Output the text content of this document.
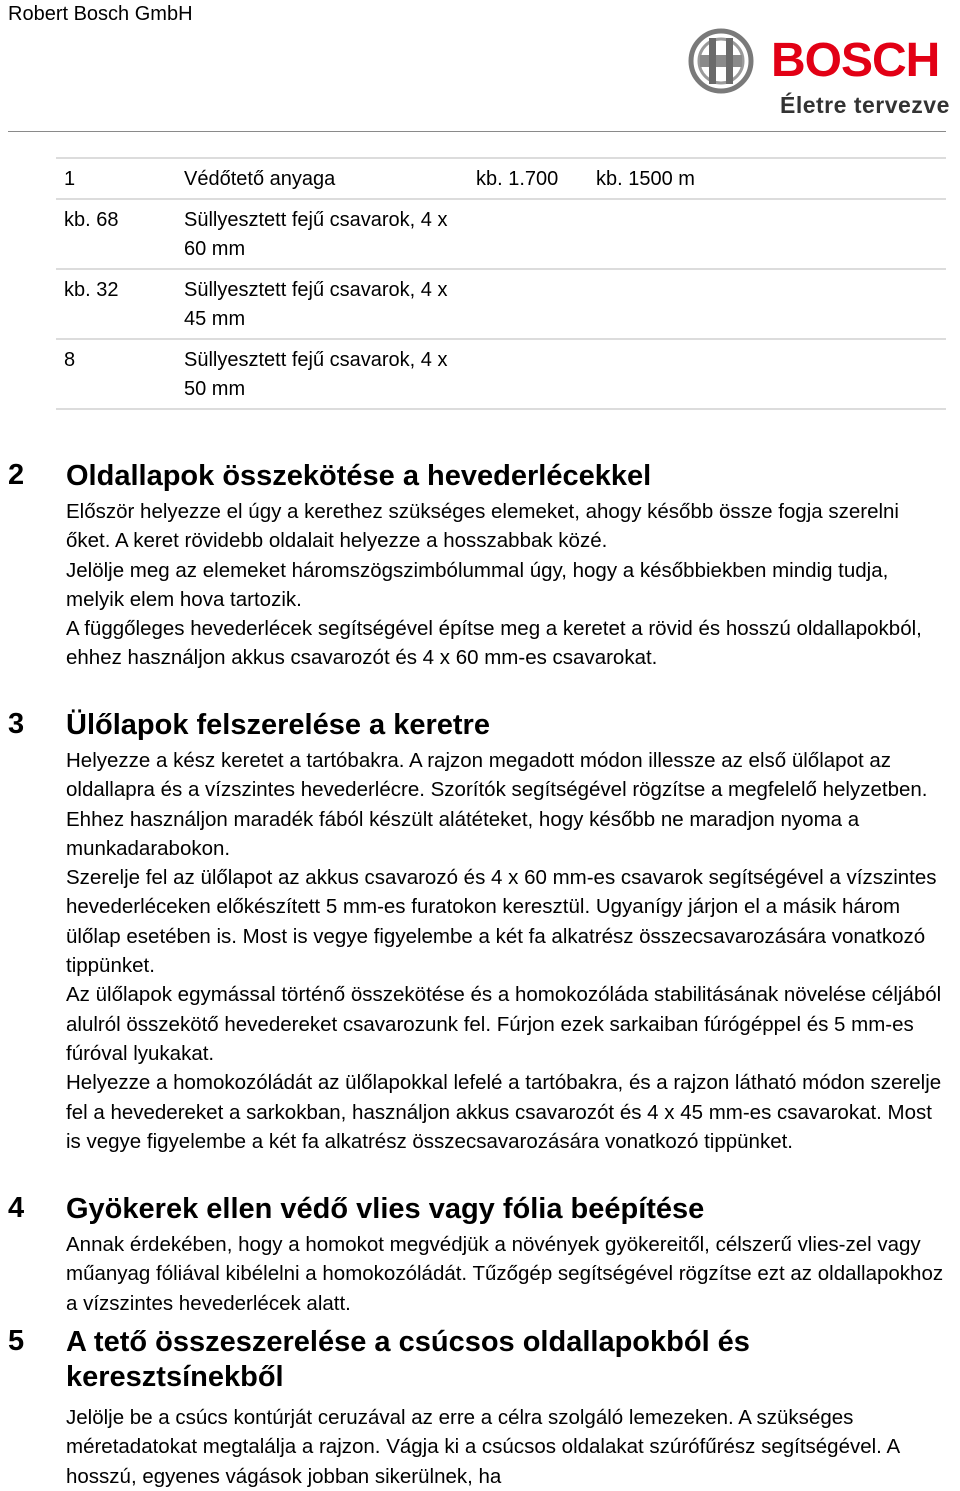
Robert Bosch GmbH
BOSCH
Életre tervezve
1	Védőtető anyaga	kb. 1.700	kb. 1500 m	
kb. 68	Süllyesztett fejű csavarok, 4 x 60 mm			
kb. 32	Süllyesztett fejű csavarok, 4 x 45 mm			
8	Süllyesztett fejű csavarok, 4 x 50 mm			
2 Oldallapok összekötése a hevederlécekkel

Először helyezze el úgy a kerethez szükséges elemeket, ahogy később össze fogja szerelni őket. A keret rövidebb oldalait helyezze a hosszabbak közé.

Jelölje meg az elemeket háromszögszimbólummal úgy, hogy a későbbiekben mindig tudja, melyik elem hova tartozik.

A függőleges hevederlécek segítségével építse meg a keretet a rövid és hosszú oldallapokból, ehhez használjon akkus csavarozót és 4 x 60 mm-es csavarokat.

3 Ülőlapok felszerelése a keretre

Helyezze a kész keretet a tartóbakra. A rajzon megadott módon illessze az első ülőlapot az oldallapra és a vízszintes hevederlécre. Szorítók segítségével rögzítse a megfelelő helyzetben. Ehhez használjon maradék fából készült alátéteket, hogy később ne maradjon nyoma a munkadarabokon.

Szerelje fel az ülőlapot az akkus csavarozó és 4 x 60 mm-es csavarok segítségével a vízszintes hevederléceken előkészített 5 mm-es furatokon keresztül. Ugyanígy járjon el a másik három ülőlap esetében is. Most is vegye figyelembe a két fa alkatrész összecsavarozására vonatkozó tippünket.

Az ülőlapok egymással történő összekötése és a homokozóláda stabilitásának növelése céljából alulról összekötő hevedereket csavarozunk fel. Fúrjon ezek sarkaiban fúrógéppel és 5 mm-es fúróval lyukakat.

Helyezze a homokozóládát az ülőlapokkal lefelé a tartóbakra, és a rajzon látható módon szerelje fel a hevedereket a sarkokban, használjon akkus csavarozót és 4 x 45 mm-es csavarokat. Most is vegye figyelembe a két fa alkatrész összecsavarozására vonatkozó tippünket.

4 Gyökerek ellen védő vlies vagy fólia beépítése

Annak érdekében, hogy a homokot megvédjük a növények gyökereitől, célszerű vlies-zel vagy műanyag fóliával kibélelni a homokozóládát. Tűzőgép segítségével rögzítse ezt az oldallapokhoz a vízszintes hevederlécek alatt.

5 A tető összeszerelése a csúcsos oldallapokból és keresztsínekből

Jelölje be a csúcs kontúrját ceruzával az erre a célra szolgáló lemezeken. A szükséges méretadatokat megtalálja a rajzon. Vágja ki a csúcsos oldalakat szúrófűrész segítségével. A hosszú, egyenes vágások jobban sikerülnek, ha
